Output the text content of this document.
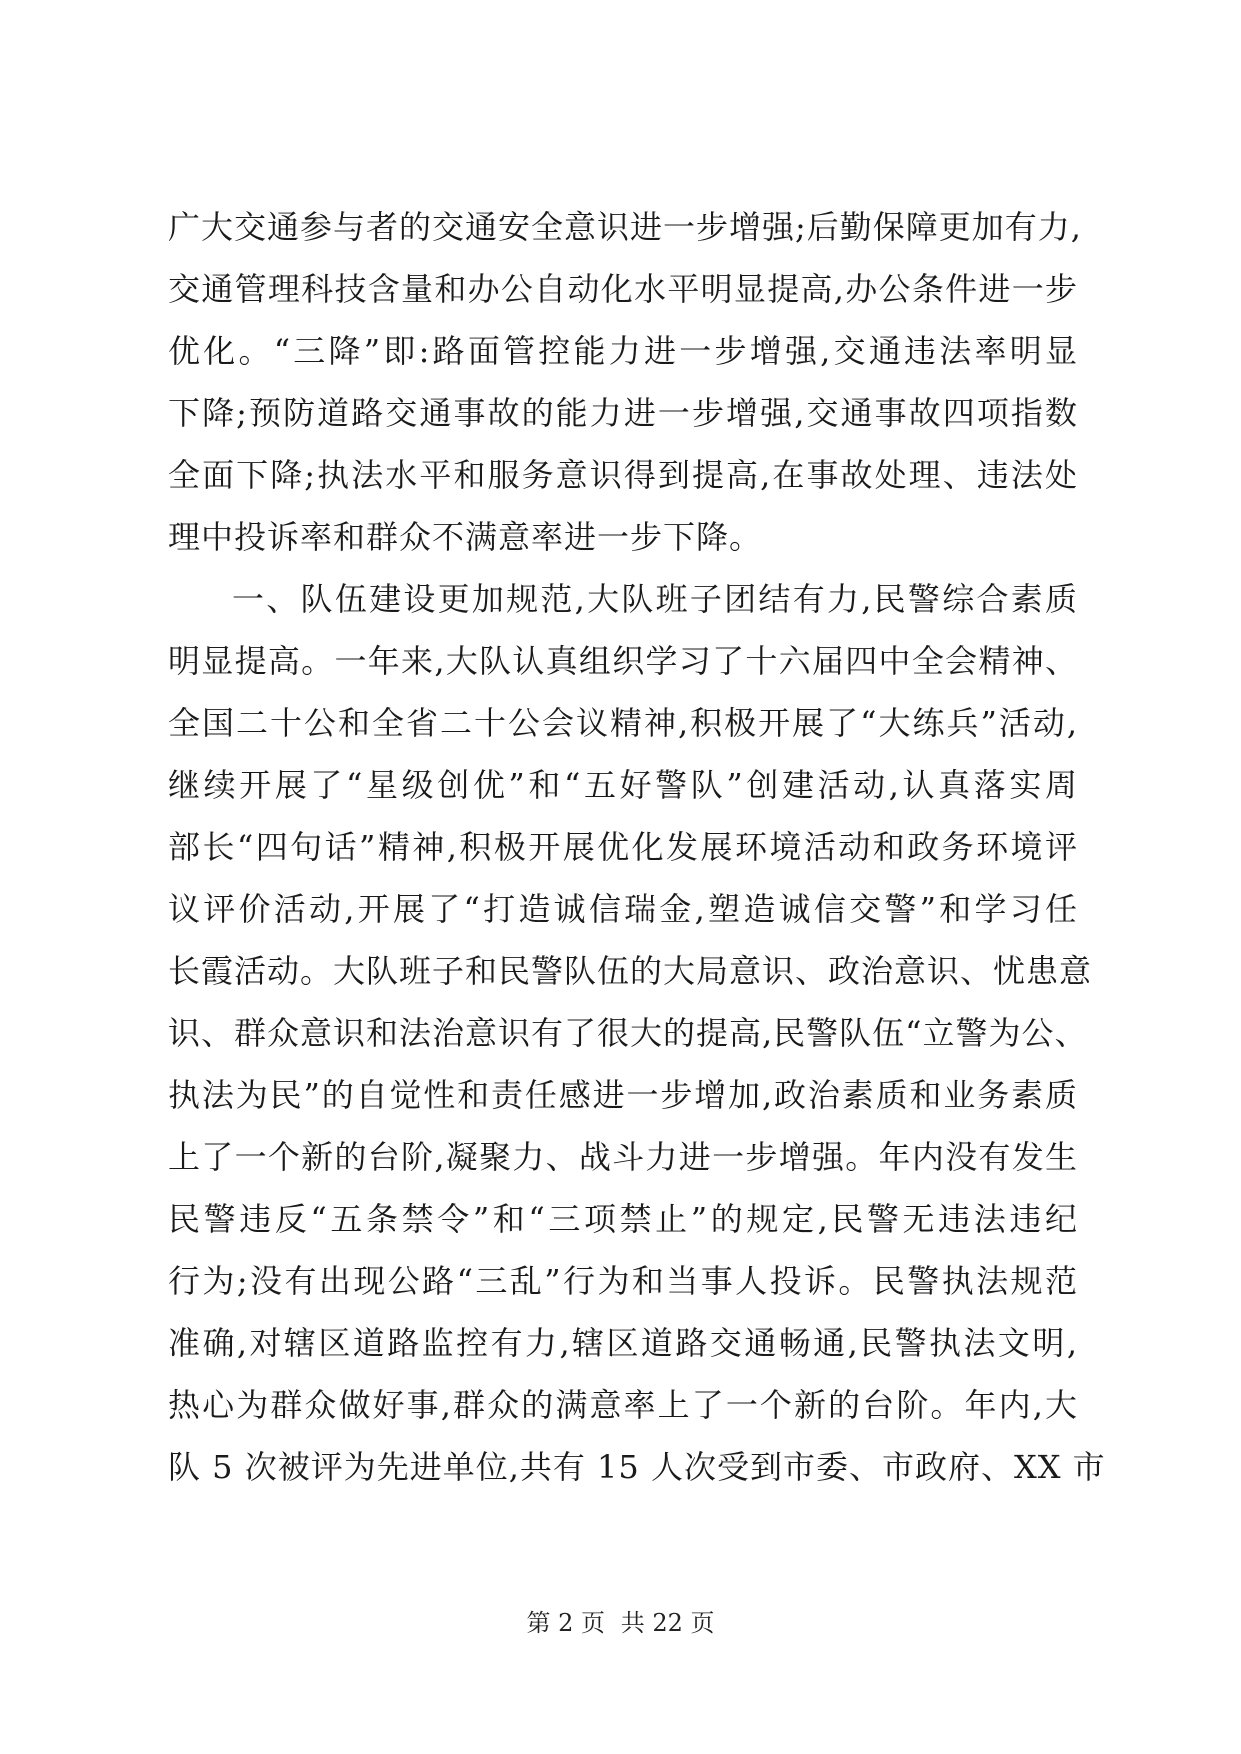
广大交通参与者的交通安全意识进一步增强;后勤保障更加有力,
交通管理科技含量和办公自动化水平明显提高,办公条件进一步
优化。“三降”即:路面管控能力进一步增强,交通违法率明显
下降;预防道路交通事故的能力进一步增强,交通事故四项指数
全面下降;执法水平和服务意识得到提高,在事故处理、违法处
理中投诉率和群众不满意率进一步下降。
一、队伍建设更加规范,大队班子团结有力,民警综合素质
明显提高。一年来,大队认真组织学习了十六届四中全会精神、
全国二十公和全省二十公会议精神,积极开展了“大练兵”活动,
继续开展了“星级创优”和“五好警队”创建活动,认真落实周
部长“四句话”精神,积极开展优化发展环境活动和政务环境评
议评价活动,开展了“打造诚信瑞金,塑造诚信交警”和学习任
长霞活动。大队班子和民警队伍的大局意识、政治意识、忧患意
识、群众意识和法治意识有了很大的提高,民警队伍“立警为公、
执法为民”的自觉性和责任感进一步增加,政治素质和业务素质
上了一个新的台阶,凝聚力、战斗力进一步增强。年内没有发生
民警违反“五条禁令”和“三项禁止”的规定,民警无违法违纪
行为;没有出现公路“三乱”行为和当事人投诉。民警执法规范
准确,对辖区道路监控有力,辖区道路交通畅通,民警执法文明,
热心为群众做好事,群众的满意率上了一个新的台阶。年内,大
队 5 次被评为先进单位,共有 15 人次受到市委、市政府、XX 市
第 2 页 共 22 页
